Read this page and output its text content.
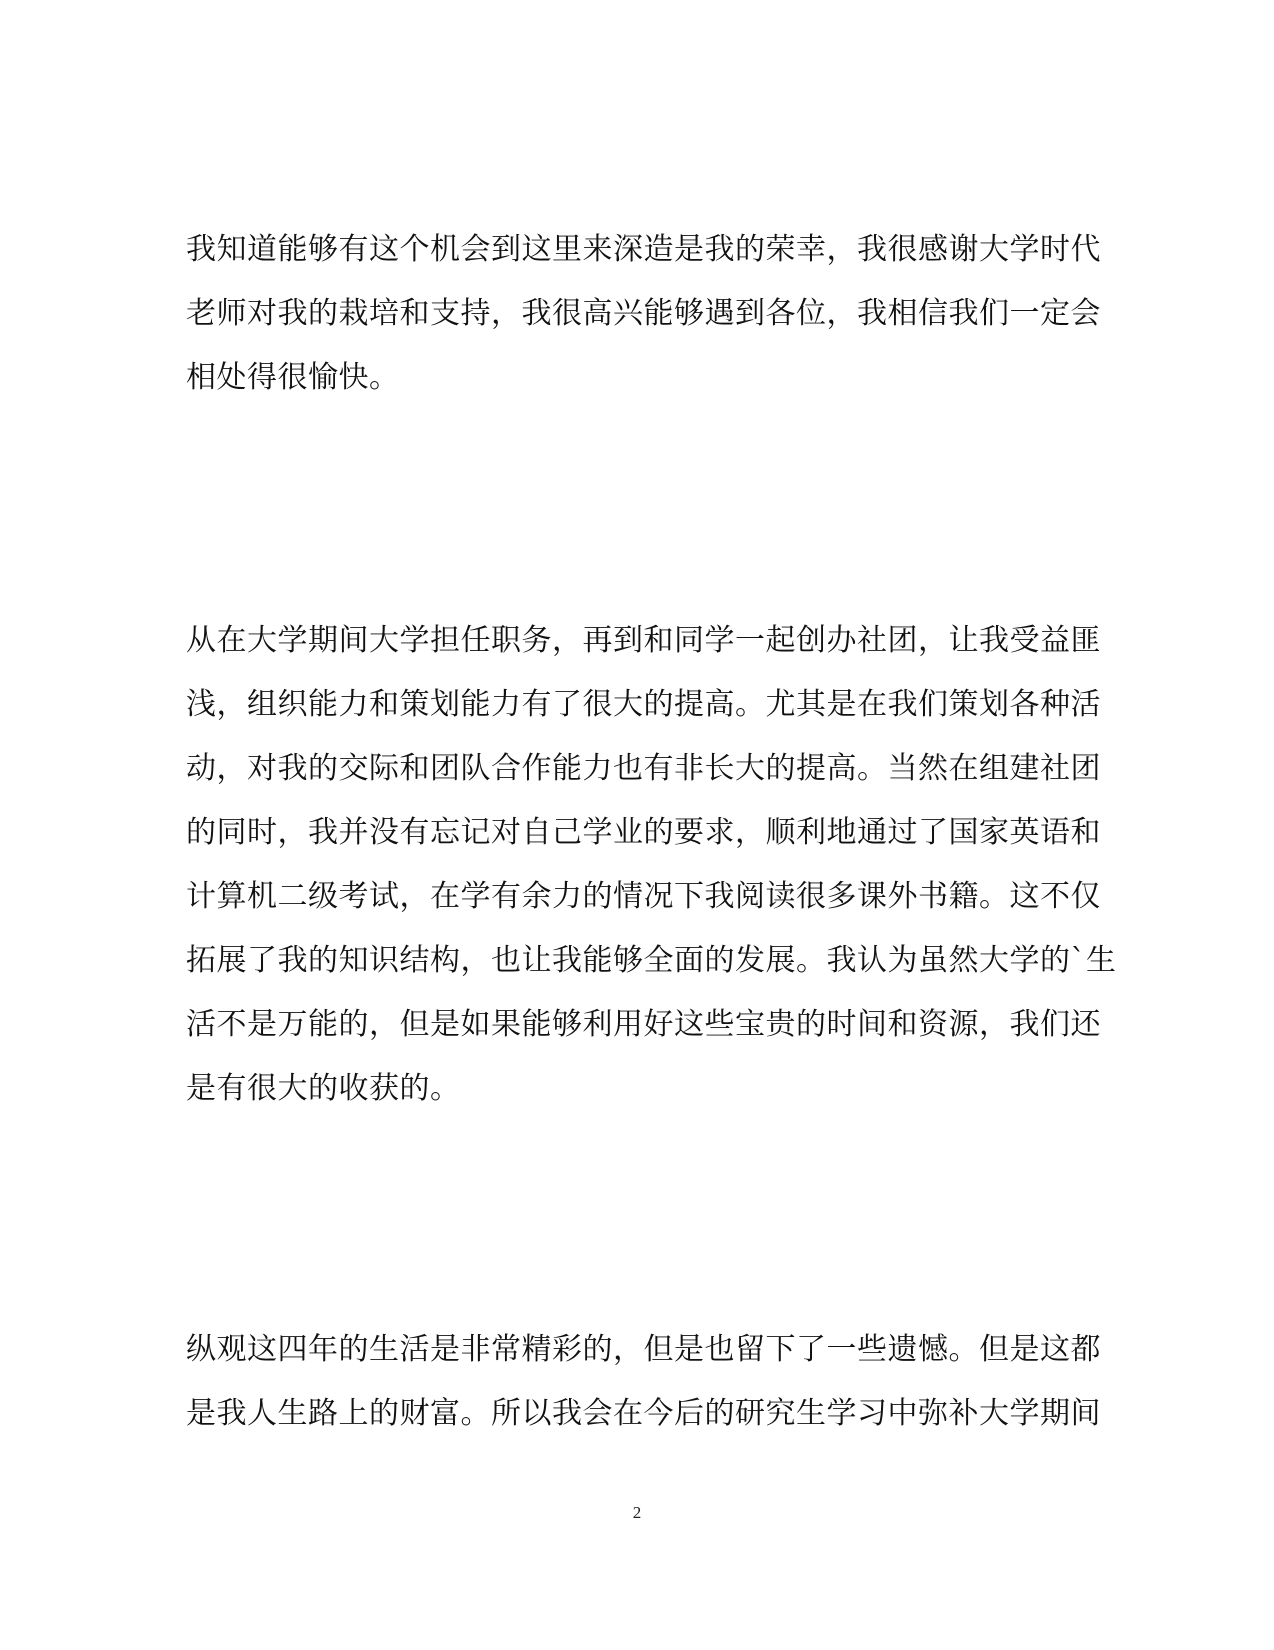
我知道能够有这个机会到这里来深造是我的荣幸，我很感谢大学时代
老师对我的栽培和支持，我很高兴能够遇到各位，我相信我们一定会
相处得很愉快。

从在大学期间大学担任职务，再到和同学一起创办社团，让我受益匪
浅，组织能力和策划能力有了很大的提高。尤其是在我们策划各种活
动，对我的交际和团队合作能力也有非长大的提高。当然在组建社团
的同时，我并没有忘记对自己学业的要求，顺利地通过了国家英语和
计算机二级考试，在学有余力的情况下我阅读很多课外书籍。这不仅
拓展了我的知识结构，也让我能够全面的发展。我认为虽然大学的`生
活不是万能的，但是如果能够利用好这些宝贵的时间和资源，我们还
是有很大的收获的。

纵观这四年的生活是非常精彩的，但是也留下了一些遗憾。但是这都
是我人生路上的财富。所以我会在今后的研究生学习中弥补大学期间

2
